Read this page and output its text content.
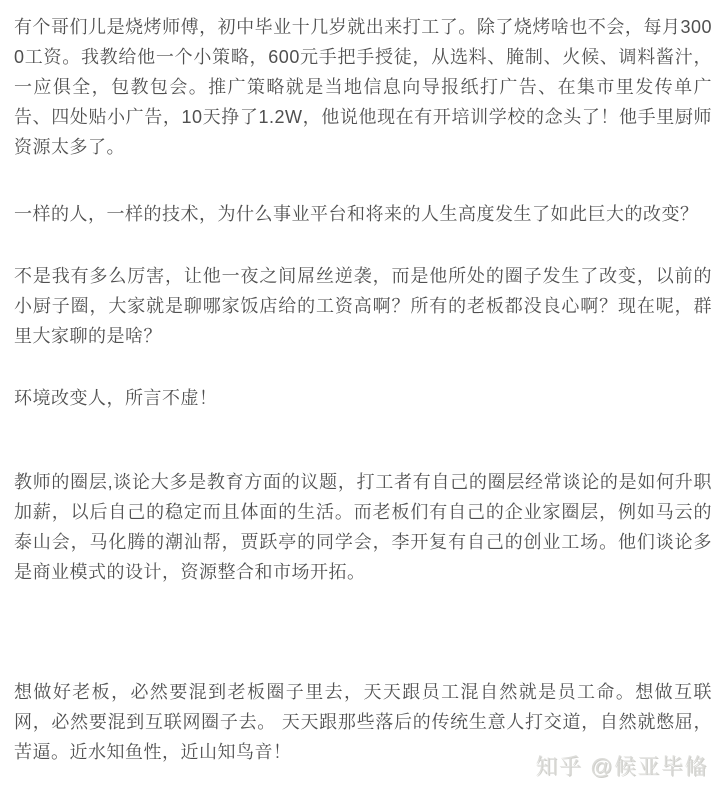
有个哥们儿是烧烤师傅，初中毕业十几岁就出来打工了。除了烧烤啥也不会，每月3000工资。我教给他一个小策略，600元手把手授徒，从选料、腌制、火候、调料酱汁，一应俱全，包教包会。推广策略就是当地信息向导报纸打广告、在集市里发传单广告、四处贴小广告，10天挣了1.2W，他说他现在有开培训学校的念头了！他手里厨师资源太多了。

一样的人，一样的技术，为什么事业平台和将来的人生高度发生了如此巨大的改变？

不是我有多么厉害，让他一夜之间屌丝逆袭，而是他所处的圈子发生了改变，以前的小厨子圈，大家就是聊哪家饭店给的工资高啊？所有的老板都没良心啊？现在呢，群里大家聊的是啥？

环境改变人，所言不虚！

教师的圈层,谈论大多是教育方面的议题，打工者有自己的圈层经常谈论的是如何升职加薪，以后自己的稳定而且体面的生活。而老板们有自己的企业家圈层，例如马云的泰山会，马化腾的潮汕帮，贾跃亭的同学会，李开复有自己的创业工场。他们谈论多是商业模式的设计，资源整合和市场开拓。

想做好老板，必然要混到老板圈子里去，天天跟员工混自然就是员工命。想做互联网，必然要混到互联网圈子去。 天天跟那些落后的传统生意人打交道，自然就憋屈，苦逼。近水知鱼性，近山知鸟音！

知乎 @候亚毕偹
